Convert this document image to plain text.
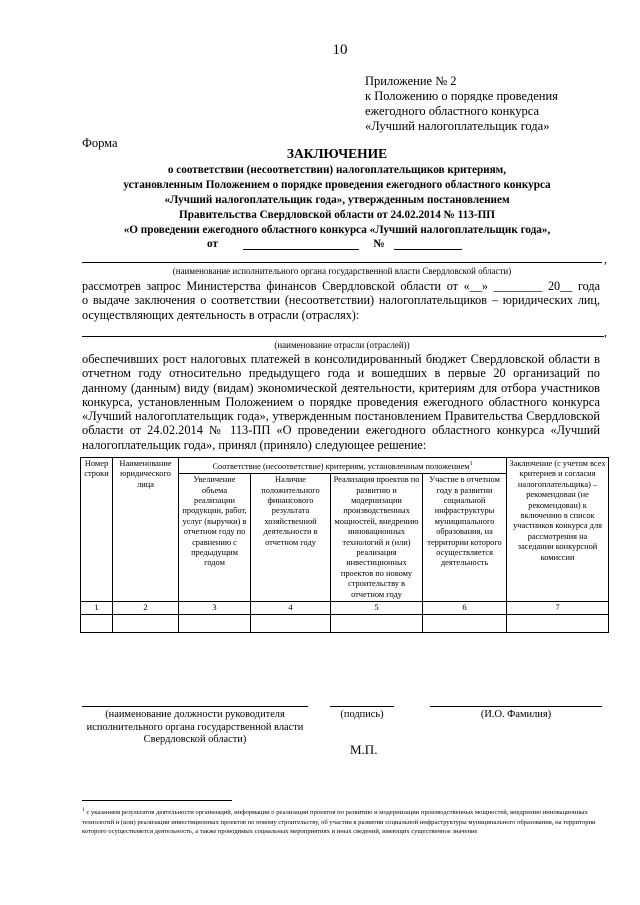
10
Приложение № 2
к Положению о порядке проведения
ежегодного областного конкурса
«Лучший налогоплательщик года»
Форма
ЗАКЛЮЧЕНИЕ
о соответствии (несоответствии) налогоплательщиков критериям,
установленным Положением о порядке проведения ежегодного областного конкурса
«Лучший налогоплательщик года», утвержденным постановлением
Правительства Свердловской области от 24.02.2014 № 113-ПП
«О проведении ежегодного областного конкурса «Лучший налогоплательщик года»,
от	№
,
(наименование исполнительного органа государственной власти Свердловской области)
рассмотрев запрос Министерства финансов Свердловской области от «__» ________ 20__ года
о выдаче заключения о соответствии (несоответствии) налогоплательщиков – юридических лиц,
осуществляющих деятельность в отрасли (отраслях):
,
(наименование отрасли (отраслей))
обеспечивших рост налоговых платежей в консолидированный бюджет Свердловской области в отчетном году относительно предыдущего года и вошедших в первые 20 организаций по данному (данным) виду (видам) экономической деятельности, критериям для отбора участников конкурса, установленным Положением о порядке проведения ежегодного областного конкурса «Лучший налогоплательщик года», утвержденным постановлением Правительства Свердловской области от 24.02.2014 № 113-ПП «О проведении ежегодного областного конкурса «Лучший налогоплательщик года», принял (приняло) следующее решение:
Номер строки	Наименование юридического лица	Соответствие (несоответствие) критериям, установленным положением$^1$				Заключение (с учетом всех критериев и согласия налогоплательщика) – рекомендован (не рекомендован) к включению в список участников конкурса для рассмотрения на заседании конкурсной комиссии
		Увеличение объема реализации продукции, работ, услуг (выручки) в отчетном году по сравнению с предыдущим годом	Наличие положительного финансового результата хозяйственной деятельности в отчетном году	Реализация проектов по развитию и модернизации производственных мощностей, внедрению инновационных технологий и (или) реализация инвестиционных проектов по новому строительству в отчетном году	Участие в отчетном году в развитии социальной инфраструктуры муниципального образования, на территории которого осуществляется деятельность	
1	2	3	4	5	6	7

(наименование должности руководителя исполнительного органа государственной власти Свердловской области)
(подпись)	(И.О. Фамилия)
М.П.
$^1$ с указанием результатов деятельности организаций, информации о реализации проектов по развитию и модернизации производственных мощностей, внедрению инновационных технологий и (или) реализации инвестиционных проектов по новому строительству, об участии в развитии социальной инфраструктуры муниципального образования, на территории которого осуществляется деятельность, а также проводимых социальных мероприятиях и иных сведений, имеющих существенное значение
